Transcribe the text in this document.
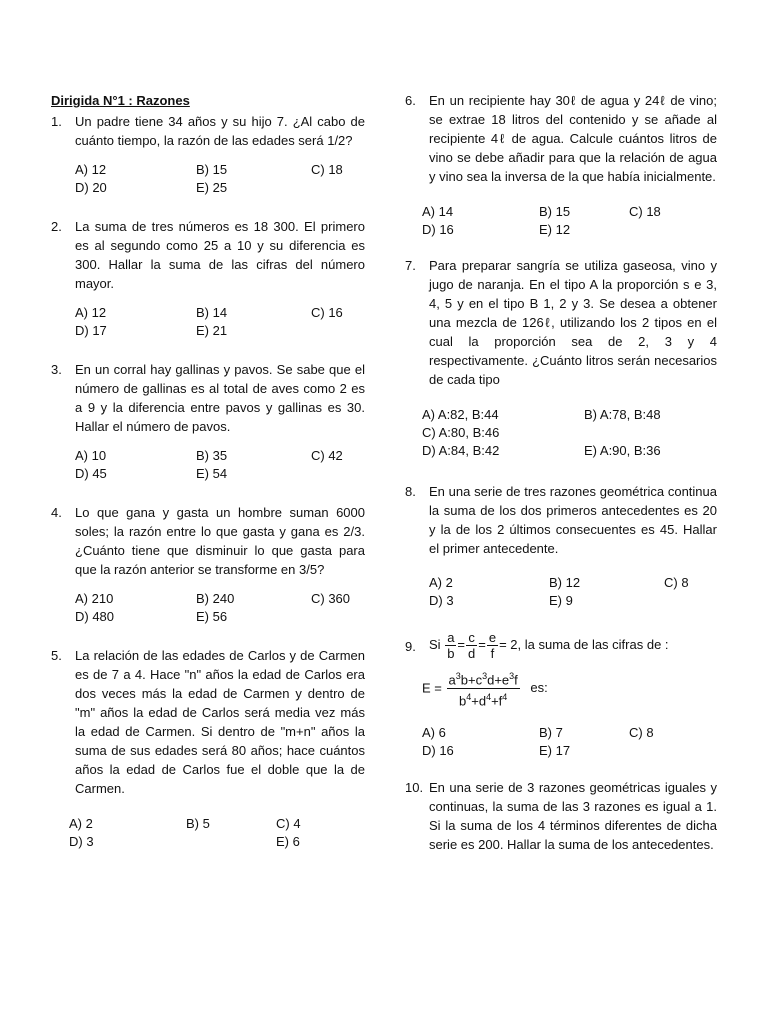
Dirigida N°1 : Razones
1.	Un padre tiene 34 años y su hijo 7. ¿Al cabo de cuánto tiempo, la razón de las edades será 1/2?
A) 12	B) 15	C) 18
D) 20	E) 25
2.	La suma de tres números es 18 300. El primero es al segundo como 25 a 10 y su diferencia es 300. Hallar la suma de las cifras del número mayor.
A) 12	B) 14	C) 16
D) 17	E) 21
3.	En un corral hay gallinas y pavos. Se sabe que el número de gallinas es al total de aves como 2 es a 9 y la diferencia entre pavos y gallinas es 30. Hallar el número de pavos.
A) 10	B) 35	C) 42
D) 45	E) 54
4.	Lo que gana y gasta un hombre suman 6000 soles; la razón entre lo que gasta y gana es 2/3. ¿Cuánto tiene que disminuir lo que gasta para que la razón anterior se transforme en 3/5?
A) 210	B) 240	C) 360
D) 480	E) 56
5.	La relación de las edades de Carlos y de Carmen es de 7 a 4. Hace "n" años la edad de Carlos era dos veces más la edad de Carmen y dentro de "m" años la edad de Carlos será media vez más la edad de Carmen. Si dentro de "m+n" años la suma de sus edades será 80 años; hace cuántos años la edad de Carlos fue el doble que la de Carmen.
A) 2	B) 5	C) 4
D) 3	E) 6
6.	En un recipiente hay 30ℓ de agua y 24ℓ de vino; se extrae 18 litros del contenido y se añade al recipiente 4ℓ de agua. Calcule cuántos litros de vino se debe añadir para que la relación de agua y vino sea la inversa de la que había inicialmente.
A) 14	B) 15	C) 18
D) 16	E) 12
7.	Para preparar sangría se utiliza gaseosa, vino y jugo de naranja. En el tipo A la proporción s e 3, 4, 5 y en el tipo B 1, 2 y 3. Se desea a obtener una mezcla de 126ℓ, utilizando los 2 tipos en el cual la proporción sea de 2, 3 y 4 respectivamente. ¿Cuánto litros serán necesarios de cada tipo
A) A:82, B:44	B) A:78, B:48
C) A:80, B:46
D) A:84, B:42	E) A:90, B:36
8.	En una serie de tres razones geométrica continua la suma de los dos primeros antecedentes es 20 y la de los 2 últimos consecuentes es 45. Hallar el primer antecedente.
A) 2	B) 12	C) 8
D) 3	E) 9
9.	Si $\frac{a}{b} = \frac{c}{d} = \frac{e}{f} = 2$, la suma de las cifras de :
$E = \frac{a^3b+c^3d+e^3f}{b^4+d^4+f^4}$ es:
A) 6	B) 7	C) 8
D) 16	E) 17
10. En una serie de 3 razones geométricas iguales y continuas, la suma de las 3 razones es igual a 1. Si la suma de los 4 términos diferentes de dicha serie es 200. Hallar la suma de los antecedentes.
